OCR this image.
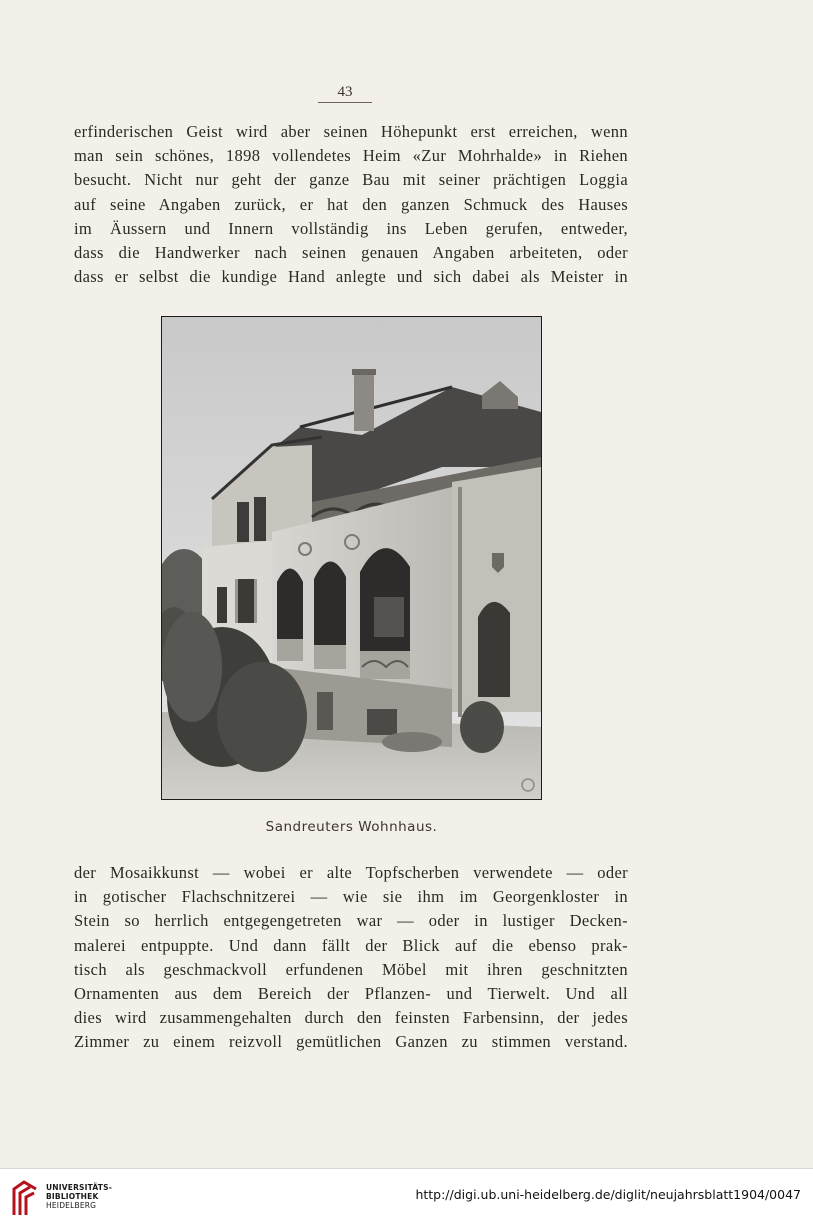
43

erfinderischen Geist wird aber seinen Höhepunkt erst erreichen, wenn

man sein schönes, 1898 vollendetes Heim «Zur Mohrhalde» in Riehen

besucht. Nicht nur geht der ganze Bau mit seiner prächtigen Loggia

auf seine Angaben zurück, er hat den ganzen Schmuck des Hauses

im Äussern und Innern vollständig ins Leben gerufen, entweder,

dass die Handwerker nach seinen genauen Angaben arbeiteten, oder

dass er selbst die kundige Hand anlegte und sich dabei als Meister in

Sandreuters Wohnhaus.

der Mosaikkunst — wobei er alte Topfscherben verwendete — oder

in gotischer Flachschnitzerei — wie sie ihm im Georgenkloster in

Stein so herrlich entgegengetreten war — oder in lustiger Decken-

malerei entpuppte. Und dann fällt der Blick auf die ebenso prak-

tisch als geschmackvoll erfundenen Möbel mit ihren geschnitzten

Ornamenten aus dem Bereich der Pflanzen- und Tierwelt. Und all

dies wird zusammengehalten durch den feinsten Farbensinn, der jedes

Zimmer zu einem reizvoll gemütlichen Ganzen zu stimmen verstand.

UNIVERSITÄTS-
BIBLIOTHEK
HEIDELBERG
http://digi.ub.uni-heidelberg.de/diglit/neujahrsblatt1904/0047
